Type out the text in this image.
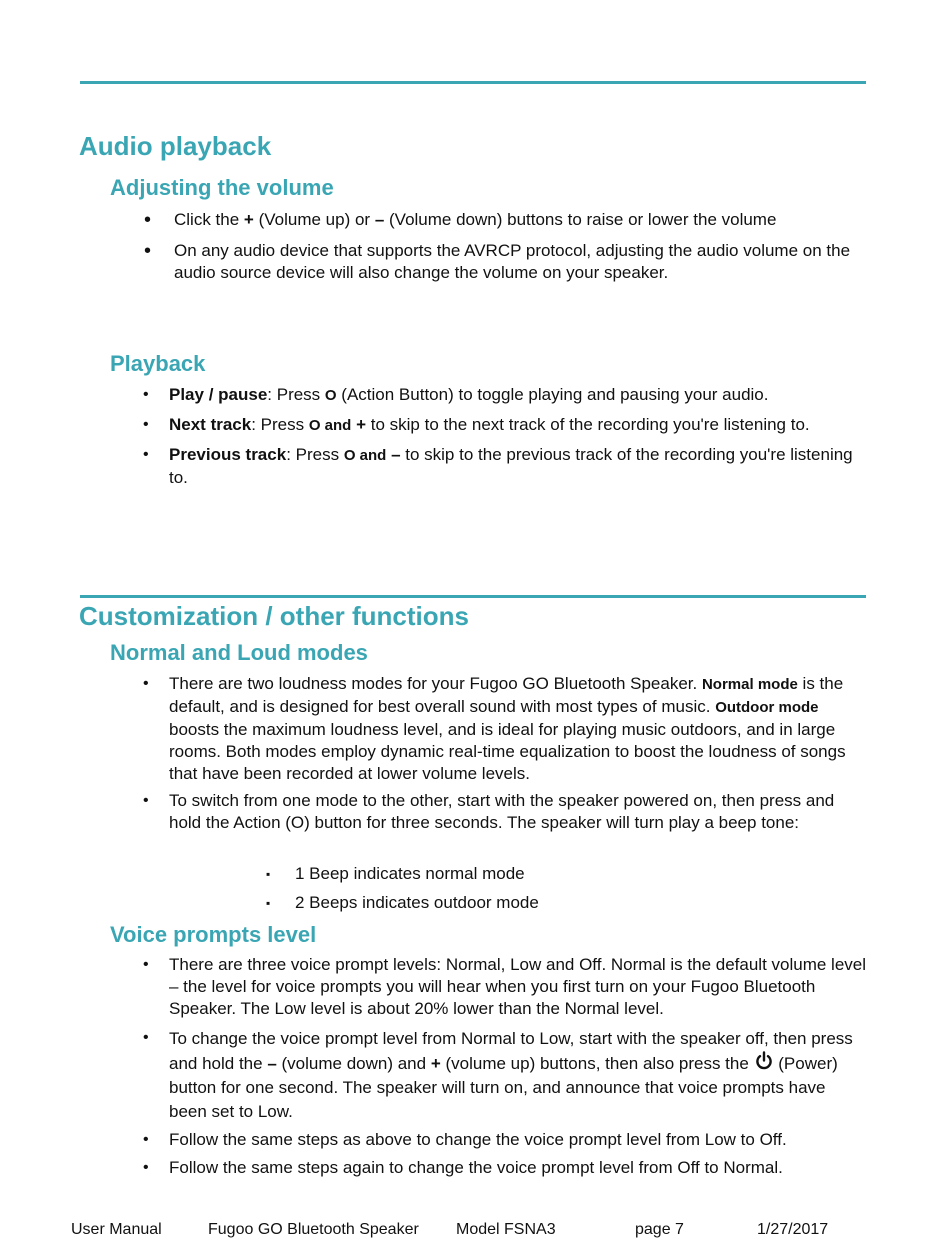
Audio playback
Adjusting the volume
• Click the + (Volume up) or – (Volume down) buttons to raise or lower the volume
• On any audio device that supports the AVRCP protocol, adjusting the audio volume on the audio source device will also change the volume on your speaker.
Playback
• Play / pause: Press O (Action Button) to toggle playing and pausing your audio.
• Next track: Press O and + to skip to the next track of the recording you're listening to.
• Previous track: Press O and – to skip to the previous track of the recording you're listening to.
Customization / other functions
Normal and Loud modes
• There are two loudness modes for your Fugoo GO Bluetooth Speaker. Normal mode is the default, and is designed for best overall sound with most types of music. Outdoor mode boosts the maximum loudness level, and is ideal for playing music outdoors, and in large rooms. Both modes employ dynamic real-time equalization to boost the loudness of songs that have been recorded at lower volume levels.
• To switch from one mode to the other, start with the speaker powered on, then press and hold the Action (O) button for three seconds. The speaker will turn play a beep tone:
▪ 1 Beep indicates normal mode
▪ 2 Beeps indicates outdoor mode
Voice prompts level
• There are three voice prompt levels: Normal, Low and Off. Normal is the default volume level – the level for voice prompts you will hear when you first turn on your Fugoo Bluetooth Speaker. The Low level is about 20% lower than the Normal level.
• To change the voice prompt level from Normal to Low, start with the speaker off, then press and hold the – (volume down) and + (volume up) buttons, then also press the  (Power) button for one second. The speaker will turn on, and announce that voice prompts have been set to Low.
• Follow the same steps as above to change the voice prompt level from Low to Off.
• Follow the same steps again to change the voice prompt level from Off to Normal.
User Manual	Fugoo GO Bluetooth Speaker Model FSNA3	page 7	1/27/2017
